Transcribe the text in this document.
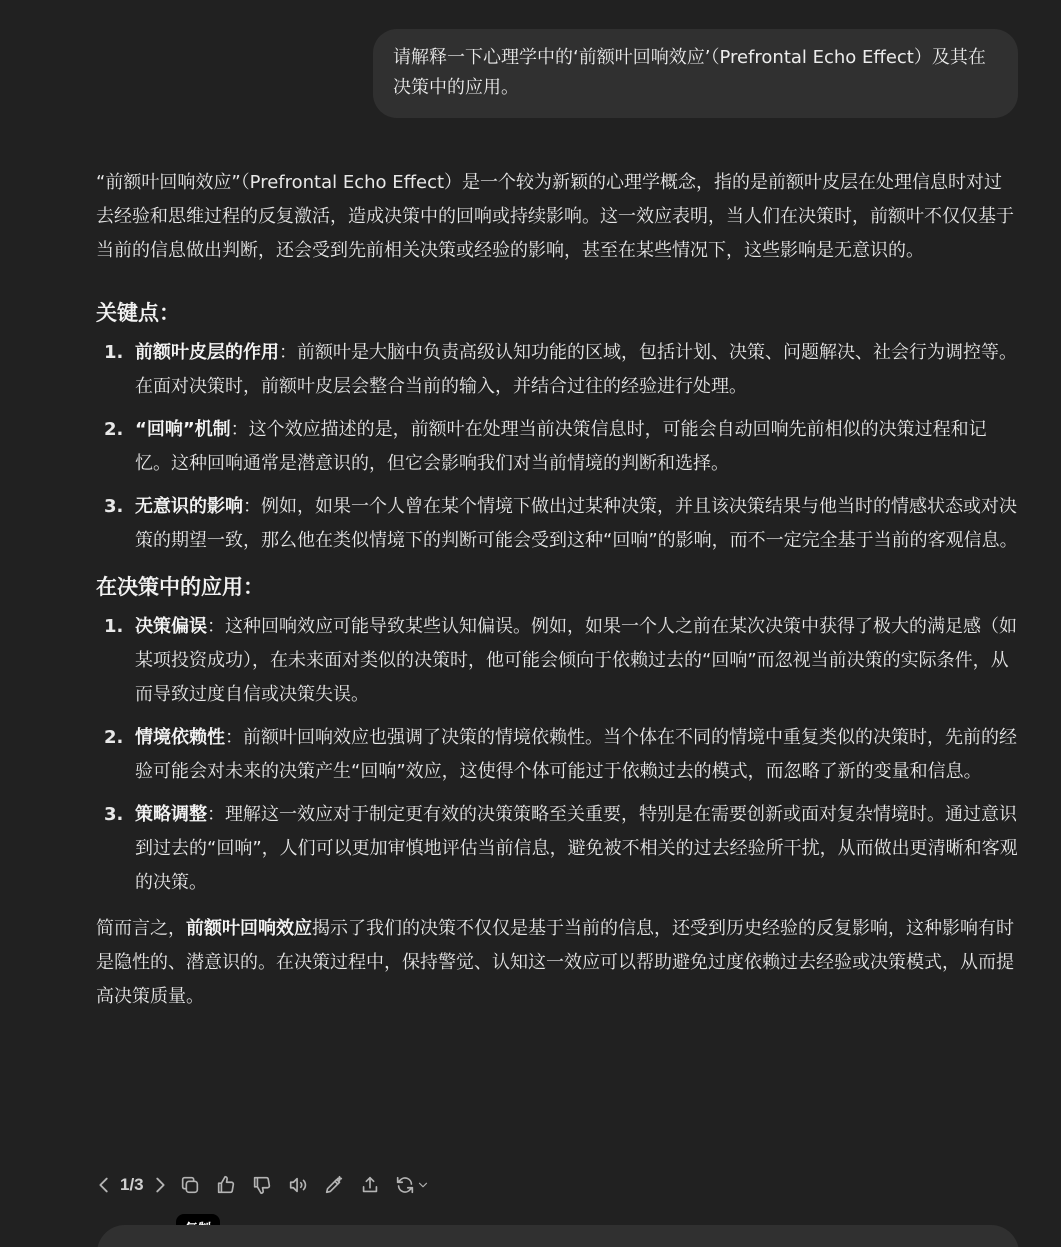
请解释一下心理学中的‘前额叶回响效应’（Prefrontal Echo Effect）及其在决策中的应用。

“前额叶回响效应”（Prefrontal Echo Effect）是一个较为新颖的心理学概念，指的是前额叶皮层在处理信息时对过去经验和思维过程的反复激活，造成决策中的回响或持续影响。这一效应表明，当人们在决策时，前额叶不仅仅基于当前的信息做出判断，还会受到先前相关决策或经验的影响，甚至在某些情况下，这些影响是无意识的。

关键点：
1. 前额叶皮层的作用：前额叶是大脑中负责高级认知功能的区域，包括计划、决策、问题解决、社会行为调控等。在面对决策时，前额叶皮层会整合当前的输入，并结合过往的经验进行处理。
2. “回响”机制：这个效应描述的是，前额叶在处理当前决策信息时，可能会自动回响先前相似的决策过程和记忆。这种回响通常是潜意识的，但它会影响我们对当前情境的判断和选择。
3. 无意识的影响：例如，如果一个人曾在某个情境下做出过某种决策，并且该决策结果与他当时的情感状态或对决策的期望一致，那么他在类似情境下的判断可能会受到这种“回响”的影响，而不一定完全基于当前的客观信息。
在决策中的应用：
1. 决策偏误：这种回响效应可能导致某些认知偏误。例如，如果一个人之前在某次决策中获得了极大的满足感（如某项投资成功），在未来面对类似的决策时，他可能会倾向于依赖过去的“回响”而忽视当前决策的实际条件，从而导致过度自信或决策失误。
2. 情境依赖性：前额叶回响效应也强调了决策的情境依赖性。当个体在不同的情境中重复类似的决策时，先前的经验可能会对未来的决策产生“回响”效应，这使得个体可能过于依赖过去的模式，而忽略了新的变量和信息。
3. 策略调整：理解这一效应对于制定更有效的决策策略至关重要，特别是在需要创新或面对复杂情境时。通过意识到过去的“回响”，人们可以更加审慎地评估当前信息，避免被不相关的过去经验所干扰，从而做出更清晰和客观的决策。

简而言之，前额叶回响效应揭示了我们的决策不仅仅是基于当前的信息，还受到历史经验的反复影响，这种影响有时是隐性的、潜意识的。在决策过程中，保持警觉、认知这一效应可以帮助避免过度依赖过去经验或决策模式，从而提高决策质量。

1/3
